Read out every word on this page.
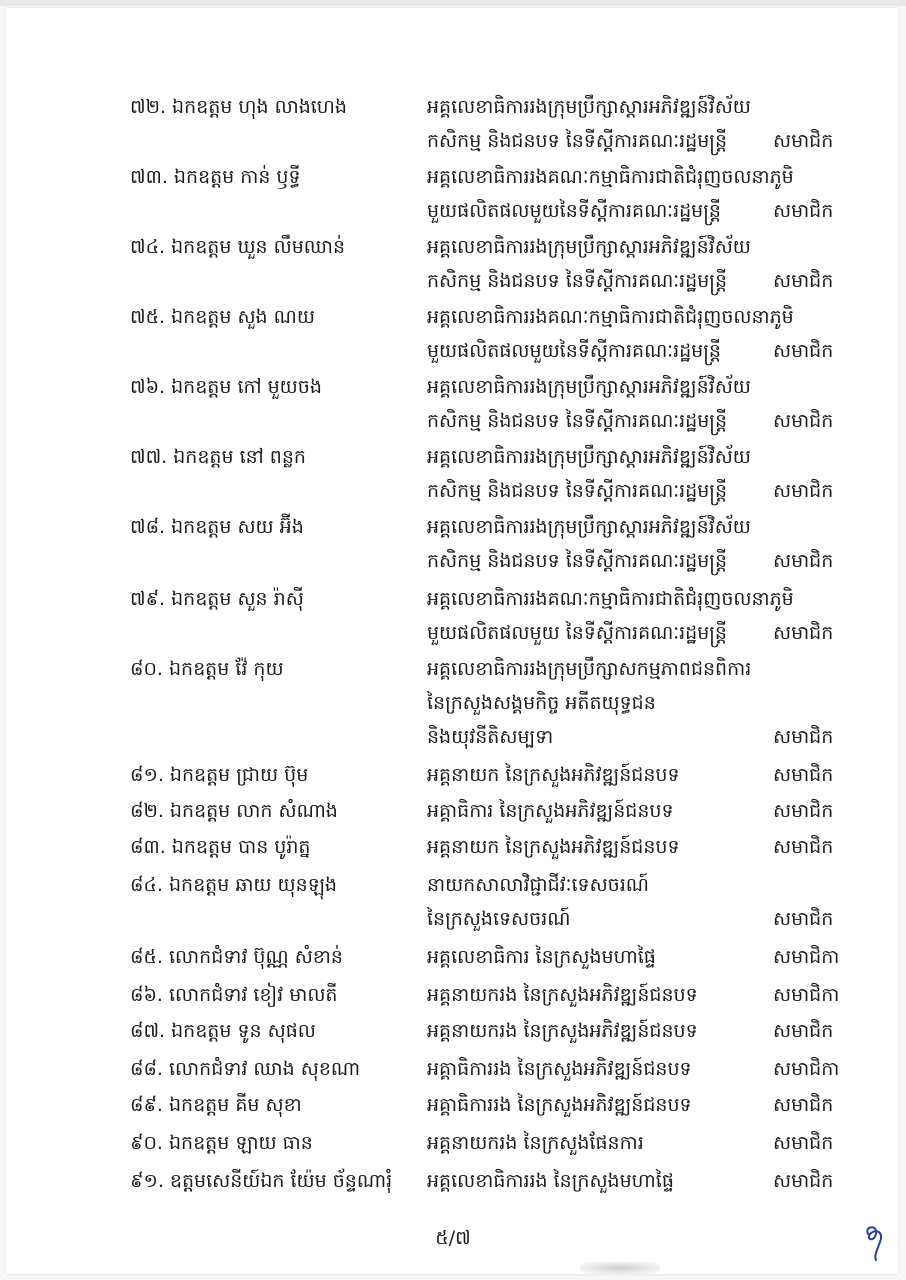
៧២. ឯកឧត្តម ហុង លាងហេង	អគ្គលេខាធិការរងក្រុមប្រឹក្សាស្តារអភិវឌ្ឍន៍វិស័យ
កសិកម្ម និងជនបទ នៃទីស្តីការគណៈរដ្ឋមន្ត្រី	សមាជិក
៧៣. ឯកឧត្តម កាន់ ឫទ្ធី	អគ្គលេខាធិការរងគណៈកម្មាធិការជាតិជំរុញចលនាភូមិ
មួយផលិតផលមួយនៃទីស្តីការគណៈរដ្ឋមន្ត្រី	សមាជិក
៧៤. ឯកឧត្តម ឃួន លឹមឈាន់	អគ្គលេខាធិការរងក្រុមប្រឹក្សាស្តារអភិវឌ្ឍន៍វិស័យ
កសិកម្ម និងជនបទ នៃទីស្តីការគណៈរដ្ឋមន្ត្រី	សមាជិក
៧៥. ឯកឧត្តម សួង ណយ	អគ្គលេខាធិការរងគណៈកម្មាធិការជាតិជំរុញចលនាភូមិ
មួយផលិតផលមួយនៃទីស្តីការគណៈរដ្ឋមន្ត្រី	សមាជិក
៧៦. ឯកឧត្តម កៅ មួយចង	អគ្គលេខាធិការរងក្រុមប្រឹក្សាស្តារអភិវឌ្ឍន៍វិស័យ
កសិកម្ម និងជនបទ នៃទីស្តីការគណៈរដ្ឋមន្ត្រី	សមាជិក
៧៧. ឯកឧត្តម នៅ ពន្លក	អគ្គលេខាធិការរងក្រុមប្រឹក្សាស្តារអភិវឌ្ឍន៍វិស័យ
កសិកម្ម និងជនបទ នៃទីស្តីការគណៈរដ្ឋមន្ត្រី	សមាជិក
៧៨. ឯកឧត្តម សយ អ៊ីង	អគ្គលេខាធិការរងក្រុមប្រឹក្សាស្តារអភិវឌ្ឍន៍វិស័យ
កសិកម្ម និងជនបទ នៃទីស្តីការគណៈរដ្ឋមន្ត្រី	សមាជិក
៧៩. ឯកឧត្តម សួន រ៉ាស៊ី	អគ្គលេខាធិការរងគណៈកម្មាធិការជាតិជំរុញចលនាភូមិ
មួយផលិតផលមួយ នៃទីស្តីការគណៈរដ្ឋមន្ត្រី	សមាជិក
៨០. ឯកឧត្តម វ៉ែ កុយ	អគ្គលេខាធិការរងក្រុមប្រឹក្សាសកម្មភាពជនពិការ
នៃក្រសួងសង្គមកិច្ច អតីតយុទ្ធជន
និងយុវនីតិសម្បទា	សមាជិក
៨១. ឯកឧត្តម ជ្រាយ ប៊ុម	អគ្គនាយក នៃក្រសួងអភិវឌ្ឍន៍ជនបទ	សមាជិក
៨២. ឯកឧត្តម លាក សំណាង	អគ្គាធិការ នៃក្រសួងអភិវឌ្ឍន៍ជនបទ	សមាជិក
៨៣. ឯកឧត្តម បាន បូរ៉ាត្ន	អគ្គនាយក នៃក្រសួងអភិវឌ្ឍន៍ជនបទ	សមាជិក
៨៤. ឯកឧត្តម ឆាយ យុនឡុង	នាយកសាលាវិជ្ជាជីវៈទេសចរណ៍
នៃក្រសួងទេសចរណ៍	សមាជិក
៨៥. លោកជំទាវ ប៊ុណ្ណ សំខាន់	អគ្គលេខាធិការ នៃក្រសួងមហាផ្ទៃ	សមាជិកា
៨៦. លោកជំទាវ ខៀវ មាលតី	អគ្គនាយករង នៃក្រសួងអភិវឌ្ឍន៍ជនបទ	សមាជិកា
៨៧. ឯកឧត្តម ទូន សុផល	អគ្គនាយករង នៃក្រសួងអភិវឌ្ឍន៍ជនបទ	សមាជិក
៨៨. លោកជំទាវ ឈាង សុខណា	អគ្គាធិការរង នៃក្រសួងអភិវឌ្ឍន៍ជនបទ	សមាជិកា
៨៩. ឯកឧត្តម គីម សុខា	អគ្គាធិការរង នៃក្រសួងអភិវឌ្ឍន៍ជនបទ	សមាជិក
៩០. ឯកឧត្តម ឡាយ ធាន	អគ្គនាយករង នៃក្រសួងផែនការ	សមាជិក
៩១. ឧត្តមសេនីយ៍ឯក យ៉ែម ច័ន្ទណារុំ អគ្គលេខាធិការរង នៃក្រសួងមហាផ្ទៃ	សមាជិក
៥/៧
